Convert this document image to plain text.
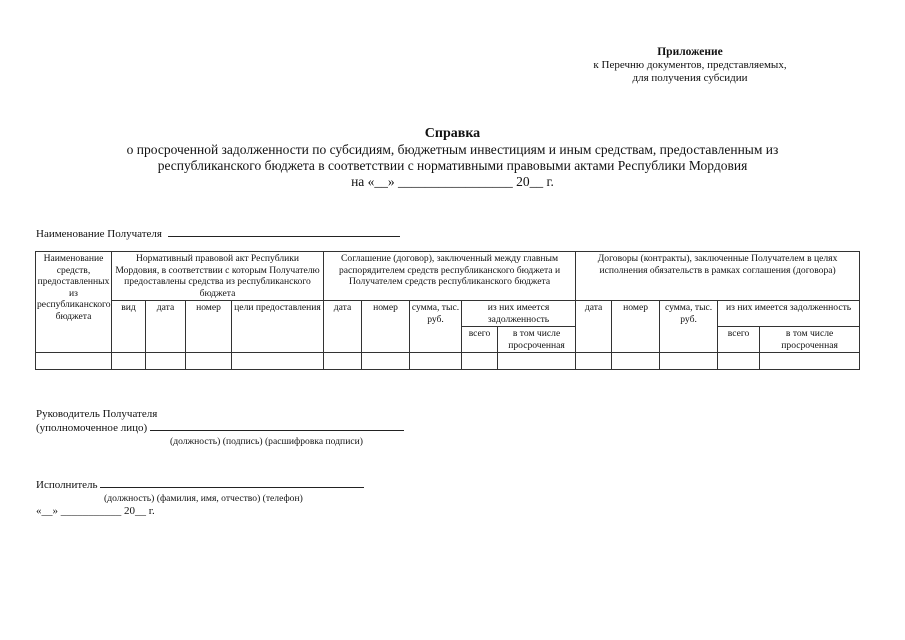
Приложение
к Перечню документов, представляемых,
для получения субсидии
Справка
о просроченной задолженности по субсидиям, бюджетным инвестициям и иным средствам, предоставленным из
республиканского бюджета в соответствии с нормативными правовыми актами Республики Мордовия
на «__» _________________ 20__ г.
Наименование Получателя
Наименование средств, предоставленных из республиканского бюджета	Нормативный правовой акт Республики Мордовия, в соответствии с которым Получателю предоставлены средства из республиканского бюджета				Соглашение (договор), заключенный между главным распорядителем средств республиканского бюджета и Получателем средств республиканского бюджета					Договоры (контракты), заключенные Получателем в целях исполнения обязательств в рамках соглашения (договора)				
	вид	дата	номер	цели предоставления	дата	номер	сумма, тыс. руб.	из них имеется задолженность		дата	номер	сумма, тыс. руб.	из них имеется задолженность	
								всего	в том числе просроченная				всего	в том числе просроченная

Руководитель Получателя
(уполномоченное лицо)
(должность) (подпись) (расшифровка подписи)
Исполнитель
(должность) (фамилия, имя, отчество) (телефон)
«__» ___________ 20__ г.
